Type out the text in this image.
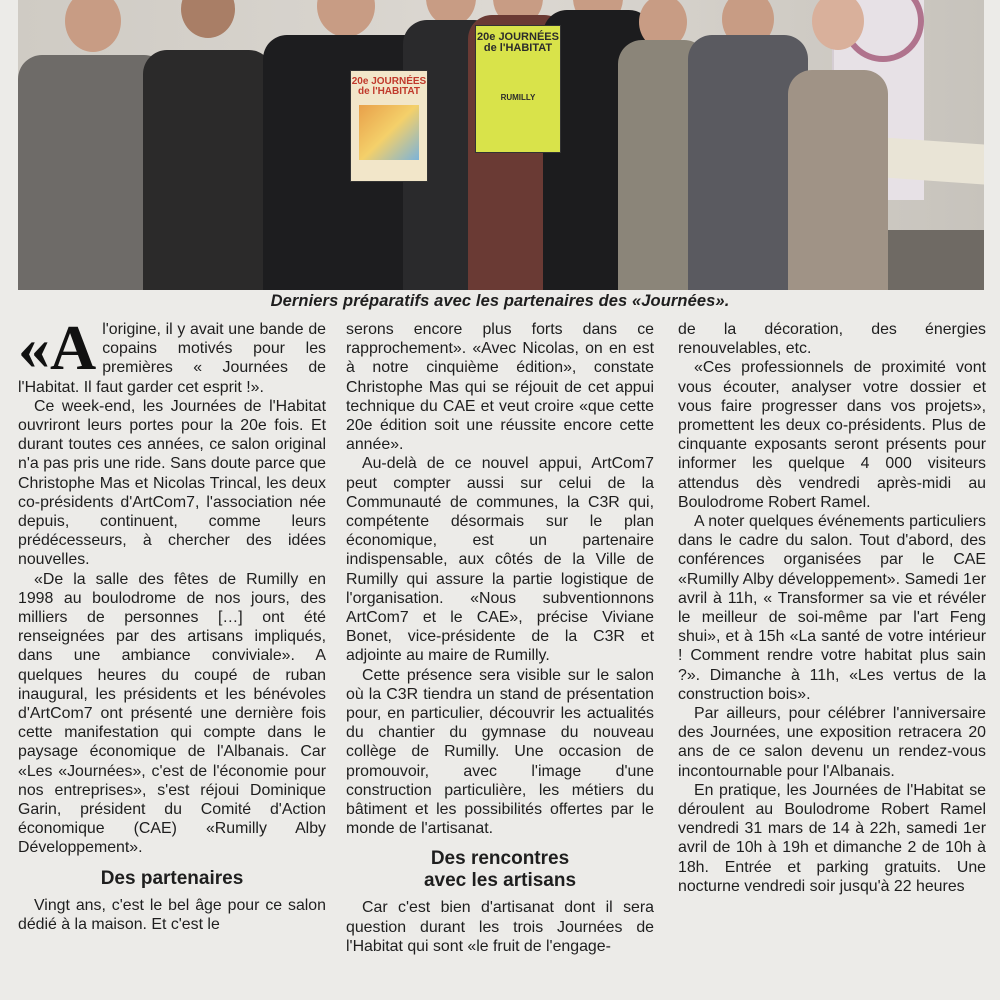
20e JOURNÉES
de l'HABITAT
20e JOURNÉES
de l'HABITAT
RUMILLY
Derniers préparatifs avec les partenaires des «Journées».

«A l'origine, il y avait une bande de copains motivés pour les premières « Journées de l'Habitat. Il faut garder cet esprit !».

Ce week-end, les Journées de l'Habitat ouvriront leurs portes pour la 20e fois. Et durant toutes ces années, ce salon original n'a pas pris une ride. Sans doute parce que Christophe Mas et Nicolas Trincal, les deux co-présidents d'ArtCom7, l'association née depuis, continuent, comme leurs prédécesseurs, à chercher des idées nouvelles.

«De la salle des fêtes de Rumilly en 1998 au boulodrome de nos jours, des milliers de personnes […] ont été renseignées par des artisans impliqués, dans une ambiance conviviale». A quelques heures du coupé de ruban inaugural, les présidents et les bénévoles d'ArtCom7 ont présenté une dernière fois cette manifestation qui compte dans le paysage économique de l'Albanais. Car «Les «Journées», c'est de l'économie pour nos entreprises», s'est réjoui Dominique Garin, président du Comité d'Action économique (CAE) «Rumilly Alby Développement».

Des partenaires

Vingt ans, c'est le bel âge pour ce salon dédié à la maison. Et c'est le

serons encore plus forts dans ce rapprochement». «Avec Nicolas, on en est à notre cinquième édition», constate Christophe Mas qui se réjouit de cet appui technique du CAE et veut croire «que cette 20e édition soit une réussite encore cette année».

Au-delà de ce nouvel appui, ArtCom7 peut compter aussi sur celui de la Communauté de communes, la C3R qui, compétente désormais sur le plan économique, est un partenaire indispensable, aux côtés de la Ville de Rumilly qui assure la partie logistique de l'organisation. «Nous subventionnons ArtCom7 et le CAE», précise Viviane Bonet, vice-présidente de la C3R et adjointe au maire de Rumilly.

Cette présence sera visible sur le salon où la C3R tiendra un stand de présentation pour, en particulier, découvrir les actualités du chantier du gymnase du nouveau collège de Rumilly. Une occasion de promouvoir, avec l'image d'une construction particulière, les métiers du bâtiment et les possibilités offertes par le monde de l'artisanat.

Des rencontres
avec les artisans

Car c'est bien d'artisanat dont il sera question durant les trois Journées de l'Habitat qui sont «le fruit de l'engage-

de la décoration, des énergies renouvelables, etc.

«Ces professionnels de proximité vont vous écouter, analyser votre dossier et vous faire progresser dans vos projets», promettent les deux co-présidents. Plus de cinquante exposants seront présents pour informer les quelque 4 000 visiteurs attendus dès vendredi après-midi au Boulodrome Robert Ramel.

A noter quelques événements particuliers dans le cadre du salon. Tout d'abord, des conférences organisées par le CAE «Rumilly Alby développement». Samedi 1er avril à 11h, « Transformer sa vie et révéler le meilleur de soi-même par l'art Feng shui», et à 15h «La santé de votre intérieur ! Comment rendre votre habitat plus sain ?». Dimanche à 11h, «Les vertus de la construction bois».

Par ailleurs, pour célébrer l'anniversaire des Journées, une exposition retracera 20 ans de ce salon devenu un rendez-vous incontournable pour l'Albanais.

En pratique, les Journées de l'Habitat se déroulent au Boulodrome Robert Ramel vendredi 31 mars de 14 à 22h, samedi 1er avril de 10h à 19h et dimanche 2 de 10h à 18h. Entrée et parking gratuits. Une nocturne vendredi soir jusqu'à 22 heures
